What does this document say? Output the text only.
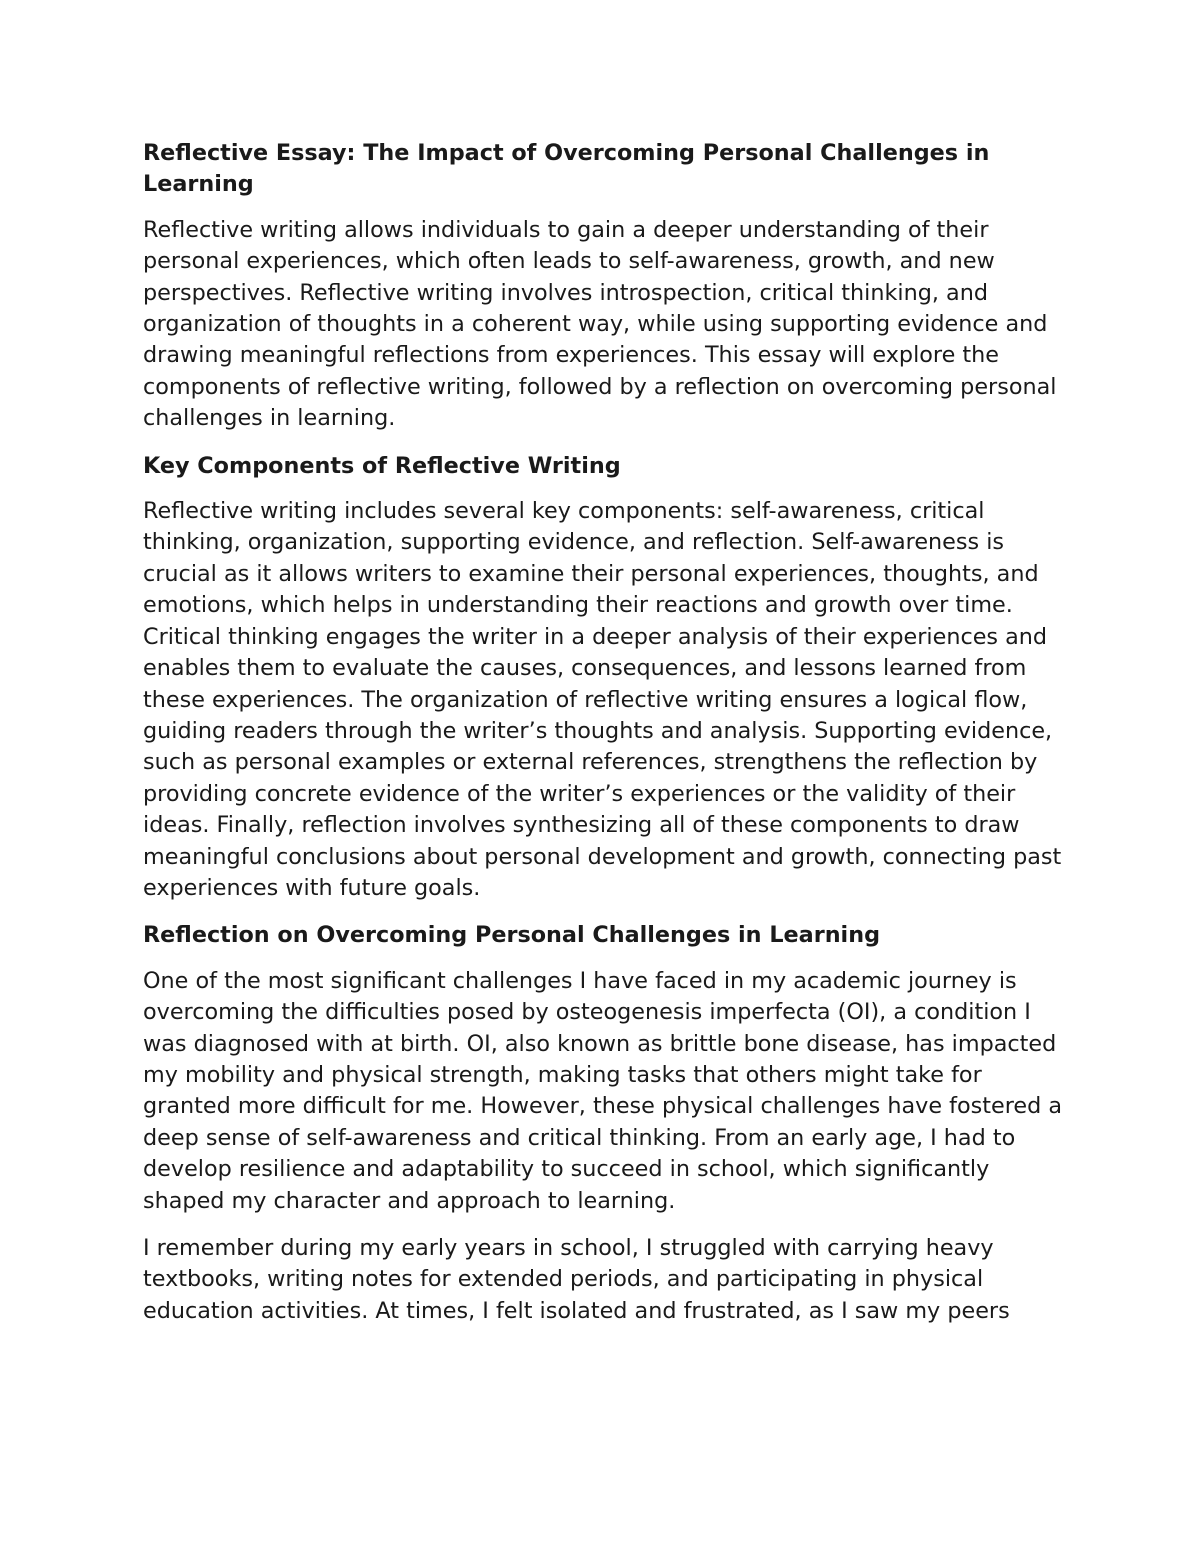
Reflective Essay: The Impact of Overcoming Personal Challenges in Learning

Reflective writing allows individuals to gain a deeper understanding of their personal experiences, which often leads to self-awareness, growth, and new perspectives. Reflective writing involves introspection, critical thinking, and organization of thoughts in a coherent way, while using supporting evidence and drawing meaningful reflections from experiences. This essay will explore the components of reflective writing, followed by a reflection on overcoming personal challenges in learning.

Key Components of Reflective Writing

Reflective writing includes several key components: self-awareness, critical thinking, organization, supporting evidence, and reflection. Self-awareness is crucial as it allows writers to examine their personal experiences, thoughts, and emotions, which helps in understanding their reactions and growth over time. Critical thinking engages the writer in a deeper analysis of their experiences and enables them to evaluate the causes, consequences, and lessons learned from these experiences. The organization of reflective writing ensures a logical flow, guiding readers through the writer’s thoughts and analysis. Supporting evidence, such as personal examples or external references, strengthens the reflection by providing concrete evidence of the writer’s experiences or the validity of their ideas. Finally, reflection involves synthesizing all of these components to draw meaningful conclusions about personal development and growth, connecting past experiences with future goals.

Reflection on Overcoming Personal Challenges in Learning

One of the most significant challenges I have faced in my academic journey is overcoming the difficulties posed by osteogenesis imperfecta (OI), a condition I was diagnosed with at birth. OI, also known as brittle bone disease, has impacted my mobility and physical strength, making tasks that others might take for granted more difficult for me. However, these physical challenges have fostered a deep sense of self-awareness and critical thinking. From an early age, I had to develop resilience and adaptability to succeed in school, which significantly shaped my character and approach to learning.

I remember during my early years in school, I struggled with carrying heavy textbooks, writing notes for extended periods, and participating in physical education activities. At times, I felt isolated and frustrated, as I saw my peers
